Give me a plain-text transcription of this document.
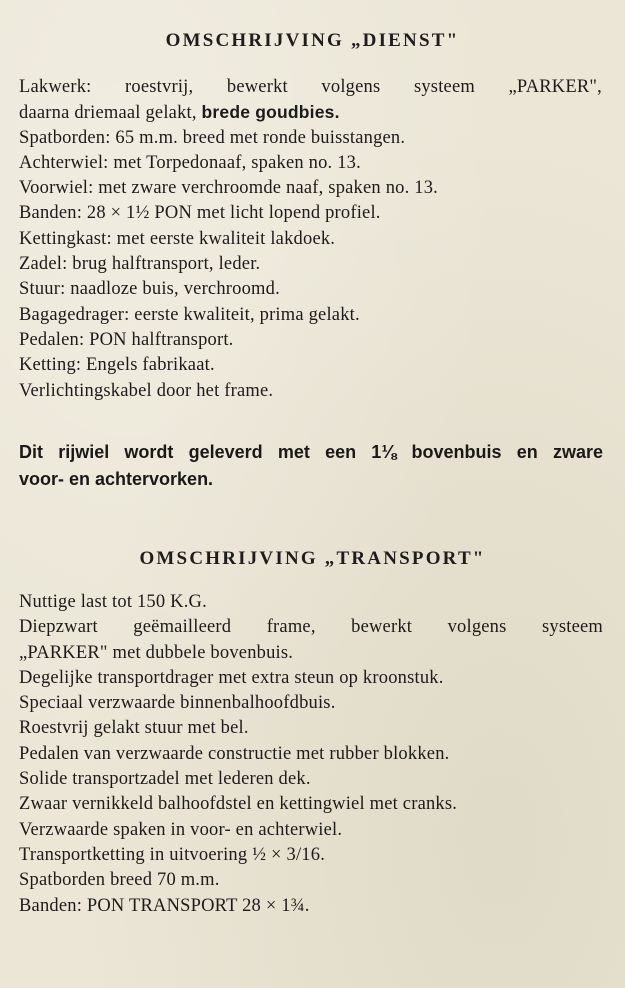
OMSCHRIJVING „DIENST"
Lakwerk: roestvrij, bewerkt volgens systeem „PARKER",
daarna driemaal gelakt, brede goudbies.
Spatborden: 65 m.m. breed met ronde buisstangen.
Achterwiel: met Torpedonaaf, spaken no. 13.
Voorwiel: met zware verchroomde naaf, spaken no. 13.
Banden: 28 × 1½ PON met licht lopend profiel.
Kettingkast: met eerste kwaliteit lakdoek.
Zadel: brug halftransport, leder.
Stuur: naadloze buis, verchroomd.
Bagagedrager: eerste kwaliteit, prima gelakt.
Pedalen: PON halftransport.
Ketting: Engels fabrikaat.
Verlichtingskabel door het frame.
Dit rijwiel wordt geleverd met een 1⅛ bovenbuis en zware
voor- en achtervorken.
OMSCHRIJVING „TRANSPORT"
Nuttige last tot 150 K.G.
Diepzwart geëmailleerd frame, bewerkt volgens systeem
„PARKER" met dubbele bovenbuis.
Degelijke transportdrager met extra steun op kroonstuk.
Speciaal verzwaarde binnenbalhoofdbuis.
Roestvrij gelakt stuur met bel.
Pedalen van verzwaarde constructie met rubber blokken.
Solide transportzadel met lederen dek.
Zwaar vernikkeld balhoofdstel en kettingwiel met cranks.
Verzwaarde spaken in voor- en achterwiel.
Transportketting in uitvoering ½ × 3/16.
Spatborden breed 70 m.m.
Banden: PON TRANSPORT 28 × 1¾.
